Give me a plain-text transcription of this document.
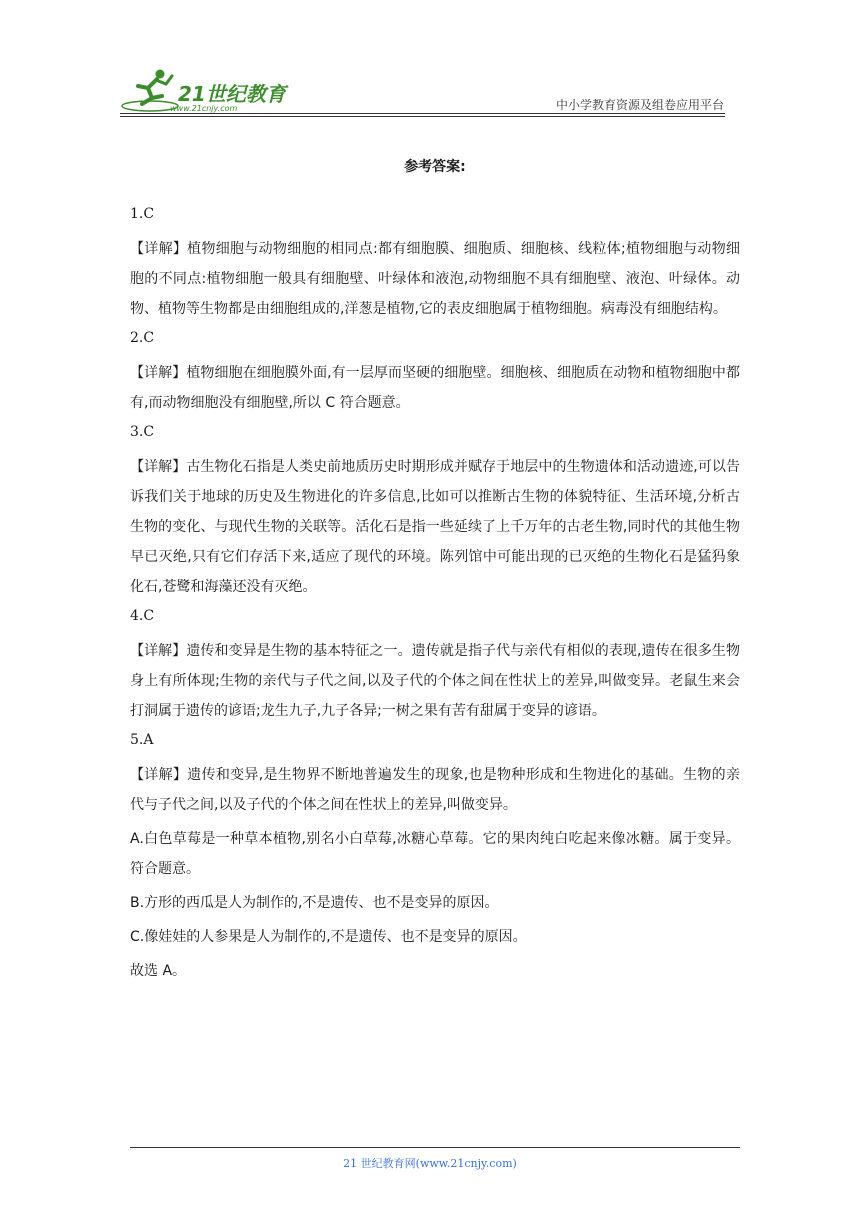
21世纪教育
www.21cnjy.com	中小学教育资源及组卷应用平台
参考答案:
1.C
【详解】植物细胞与动物细胞的相同点:都有细胞膜、细胞质、细胞核、线粒体;植物细胞与动物细胞的不同点:植物细胞一般具有细胞壁、叶绿体和液泡,动物细胞不具有细胞壁、液泡、叶绿体。动物、植物等生物都是由细胞组成的,洋葱是植物,它的表皮细胞属于植物细胞。病毒没有细胞结构。
2.C
【详解】植物细胞在细胞膜外面,有一层厚而坚硬的细胞壁。细胞核、细胞质在动物和植物细胞中都有,而动物细胞没有细胞壁,所以 C 符合题意。
3.C
【详解】古生物化石指是人类史前地质历史时期形成并赋存于地层中的生物遗体和活动遗迹,可以告诉我们关于地球的历史及生物进化的许多信息,比如可以推断古生物的体貌特征、生活环境,分析古生物的变化、与现代生物的关联等。活化石是指一些延续了上千万年的古老生物,同时代的其他生物早已灭绝,只有它们存活下来,适应了现代的环境。陈列馆中可能出现的已灭绝的生物化石是猛犸象化石,苍鹭和海藻还没有灭绝。
4.C
【详解】遗传和变异是生物的基本特征之一。遗传就是指子代与亲代有相似的表现,遗传在很多生物身上有所体现;生物的亲代与子代之间,以及子代的个体之间在性状上的差异,叫做变异。老鼠生来会打洞属于遗传的谚语;龙生九子,九子各异;一树之果有苦有甜属于变异的谚语。
5.A
【详解】遗传和变异,是生物界不断地普遍发生的现象,也是物种形成和生物进化的基础。生物的亲代与子代之间,以及子代的个体之间在性状上的差异,叫做变异。
A.白色草莓是一种草本植物,别名小白草莓,冰糖心草莓。它的果肉纯白吃起来像冰糖。属于变异。符合题意。
B.方形的西瓜是人为制作的,不是遗传、也不是变异的原因。
C.像娃娃的人参果是人为制作的,不是遗传、也不是变异的原因。
故选 A。
21 世纪教育网(www.21cnjy.com)
